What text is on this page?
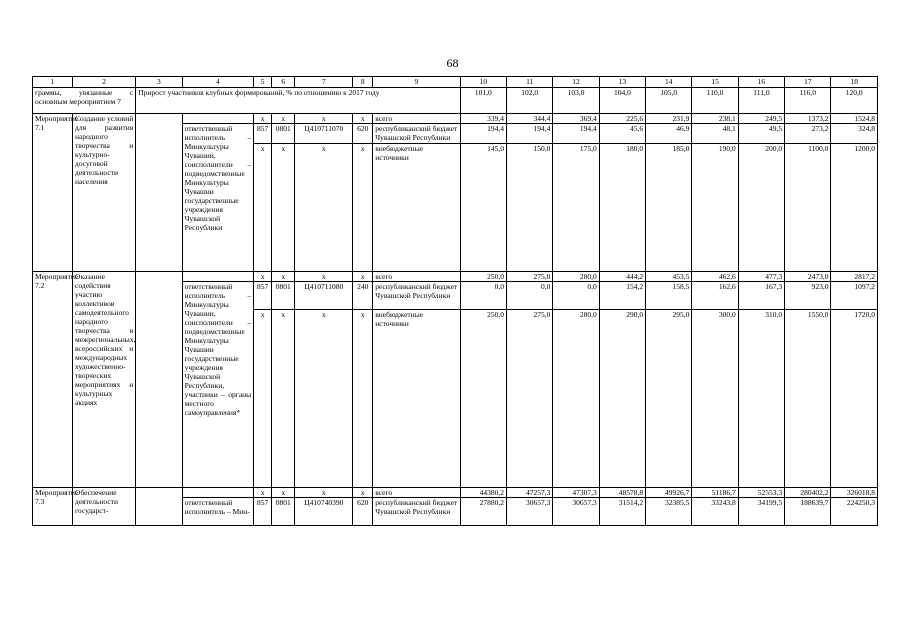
68
1	2	3	4	5	6	7	8	9	10	11	12	13	14	15	16	17	18
граммы, увязанные с основным мероприятием 7		Прирост участников клубных формирований, % по отношению к 2017 году							101,0	102,0	103,0	104,0	105,0	110,0	111,0	116,0	120,0
Мероприятие 7.1	Создание условий для развития народного творчества и культурно-досуговой деятельности населения			x	x	x	x	всего	339,4	344,4	369,4	225,6	231,9	238,1	249,5	1373,2	1524,8
			ответственный исполнитель – Минкультуры Чувашии, соисполнители – подведомственные Минкультуры Чувашии государственные учреждения Чувашской Республики	857	0801	Ц410711070	620	республиканский бюджет Чувашской Республики	194,4	194,4	194,4	45,6	46,9	48,1	49,5	273,2	324,8
				x	x	x	x	внебюджетные источники	145,0	150,0	175,0	180,0	185,0	190,0	200,0	1100,0	1200,0
Мероприятие 7.2	Оказание содействия участию коллективов самодеятельного народного творчества в межрегиональных, всероссийских и международных художественно-творческих мероприятиях и культурных акциях			x	x	x	x	всего	250,0	275,0	280,0	444,2	453,5	462,6	477,3	2473,0	2817,2
			ответственный исполнитель – Минкультуры Чувашии, соисполнители – подведомственные Минкультуры Чувашии государственные учреждения Чувашской Республики, участники – органы местного самоуправления*	857	0801	Ц410711080	240	республиканский бюджет Чувашской Республики	0,0	0,0	0,0	154,2	158,5	162,6	167,3	923,0	1097,2
				x	x	x	x	внебюджетные источники	250,0	275,0	280,0	290,0	295,0	300,0	310,0	1550,0	1720,0
Мероприятие 7.3	Обеспечение деятельности государст-			x	x	x	x	всего	44380,2	47257,3	47307,3	48578,8	49926,7	51186,7	52553,3	280402,2	326018,8
			ответственный исполнитель – Мин-	857	0801	Ц410740390	620	республиканский бюджет Чувашской Республики	27880,2	30657,3	30657,3	31514,2	32385,5	33243,8	34199,5	188639,7	224250,3
